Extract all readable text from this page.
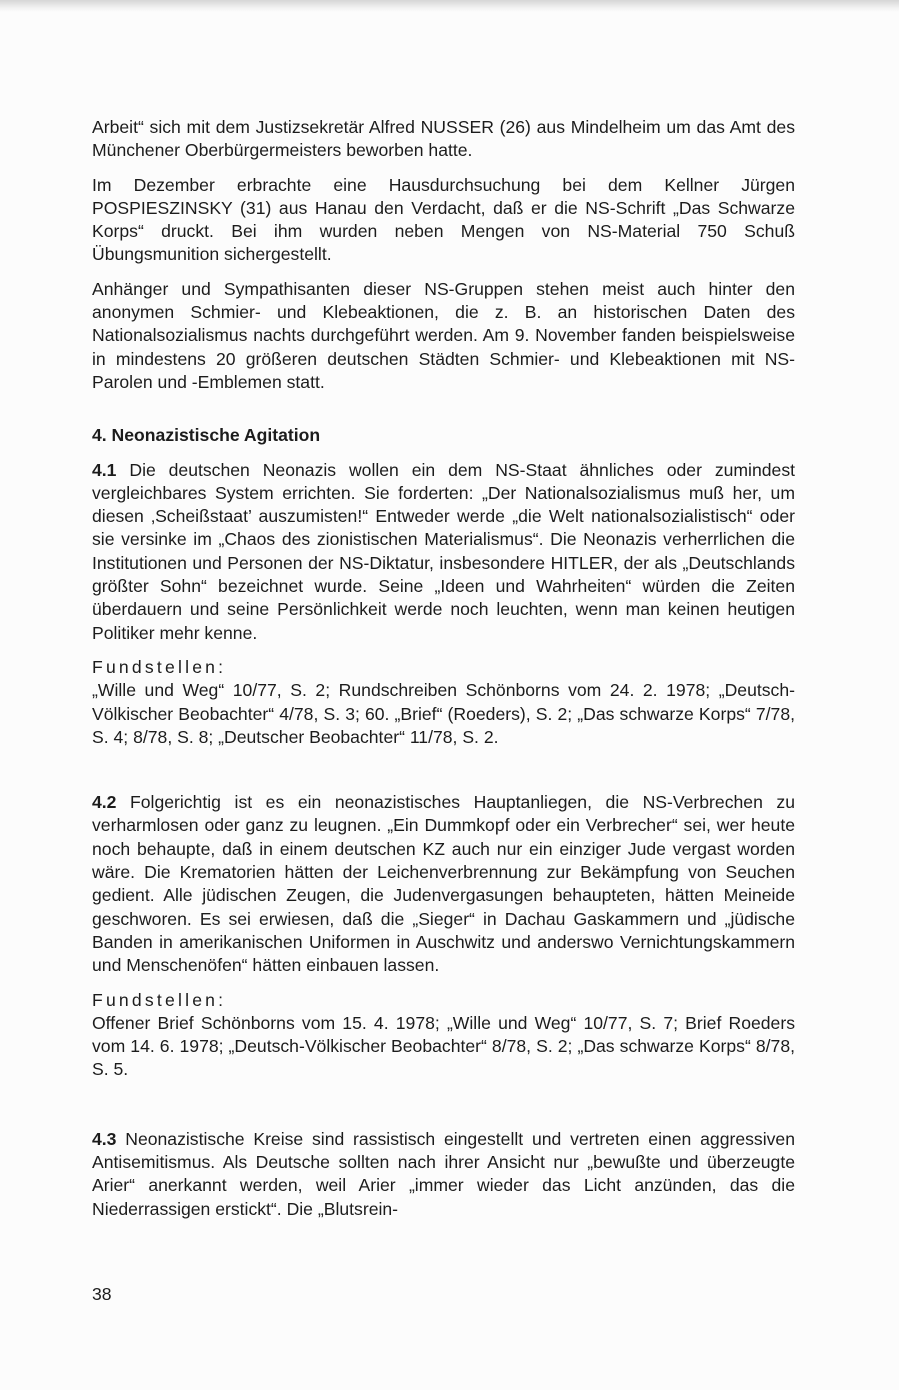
Arbeit“ sich mit dem Justizsekretär Alfred NUSSER (26) aus Mindelheim um das Amt des Münchener Oberbürgermeisters beworben hatte.

Im Dezember erbrachte eine Hausdurchsuchung bei dem Kellner Jürgen POSPIESZINSKY (31) aus Hanau den Verdacht, daß er die NS-Schrift „Das Schwarze Korps“ druckt. Bei ihm wurden neben Mengen von NS-Material 750 Schuß Übungsmunition sichergestellt.

Anhänger und Sympathisanten dieser NS-Gruppen stehen meist auch hinter den anonymen Schmier- und Klebeaktionen, die z. B. an historischen Daten des Nationalsozialismus nachts durchgeführt werden. Am 9. November fanden beispielsweise in mindestens 20 größeren deutschen Städten Schmier- und Klebeaktionen mit NS-Parolen und -Emblemen statt.

4. Neonazistische Agitation

4.1 Die deutschen Neonazis wollen ein dem NS-Staat ähnliches oder zumindest vergleichbares System errichten. Sie forderten: „Der Nationalsozialismus muß her, um diesen ‚Scheißstaat’ auszumisten!“ Entweder werde „die Welt nationalsozialistisch“ oder sie versinke im „Chaos des zionistischen Materialismus“. Die Neonazis verherrlichen die Institutionen und Personen der NS-Diktatur, insbesondere HITLER, der als „Deutschlands größter Sohn“ bezeichnet wurde. Seine „Ideen und Wahrheiten“ würden die Zeiten überdauern und seine Persönlichkeit werde noch leuchten, wenn man keinen heutigen Politiker mehr kenne.

Fundstellen:

„Wille und Weg“ 10/77, S. 2; Rundschreiben Schönborns vom 24. 2. 1978; „Deutsch-Völkischer Beobachter“ 4/78, S. 3; 60. „Brief“ (Roeders), S. 2; „Das schwarze Korps“ 7/78, S. 4; 8/78, S. 8; „Deutscher Beobachter“ 11/78, S. 2.

4.2 Folgerichtig ist es ein neonazistisches Hauptanliegen, die NS-Verbrechen zu verharmlosen oder ganz zu leugnen. „Ein Dummkopf oder ein Verbrecher“ sei, wer heute noch behaupte, daß in einem deutschen KZ auch nur ein einziger Jude vergast worden wäre. Die Krematorien hätten der Leichenverbrennung zur Bekämpfung von Seuchen gedient. Alle jüdischen Zeugen, die Judenvergasungen behaupteten, hätten Meineide geschworen. Es sei erwiesen, daß die „Sieger“ in Dachau Gaskammern und „jüdische Banden in amerikanischen Uniformen in Auschwitz und anderswo Vernichtungskammern und Menschenöfen“ hätten einbauen lassen.

Fundstellen:

Offener Brief Schönborns vom 15. 4. 1978; „Wille und Weg“ 10/77, S. 7; Brief Roeders vom 14. 6. 1978; „Deutsch-Völkischer Beobachter“ 8/78, S. 2; „Das schwarze Korps“ 8/78, S. 5.

4.3 Neonazistische Kreise sind rassistisch eingestellt und vertreten einen aggressiven Antisemitismus. Als Deutsche sollten nach ihrer Ansicht nur „bewußte und überzeugte Arier“ anerkannt werden, weil Arier „immer wieder das Licht anzünden, das die Niederrassigen erstickt“. Die „Blutsrein-

38
